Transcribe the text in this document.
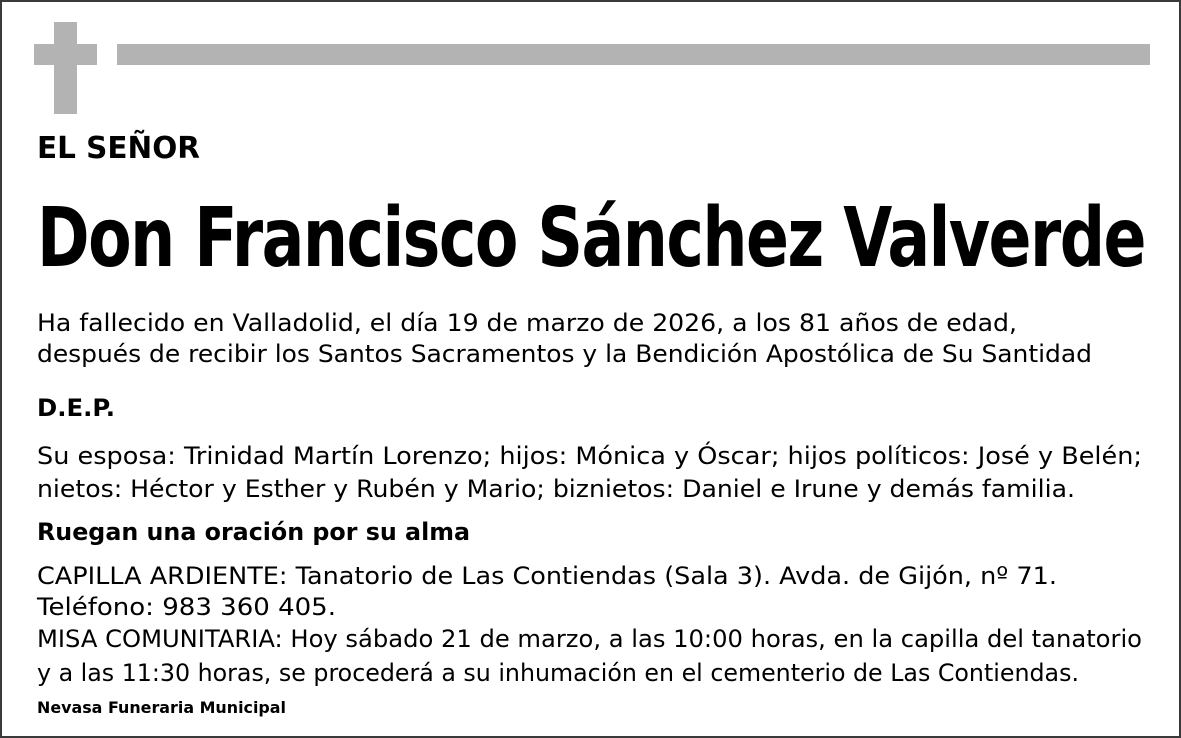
EL SEÑOR
Don Francisco Sánchez Valverde
Ha fallecido en Valladolid, el día 19 de marzo de 2026, a los 81 años de edad,
después de recibir los Santos Sacramentos y la Bendición Apostólica de Su Santidad
D.E.P.
Su esposa: Trinidad Martín Lorenzo; hijos: Mónica y Óscar; hijos políticos: José y Belén;
nietos: Héctor y Esther y Rubén y Mario; biznietos: Daniel e Irune y demás familia.
Ruegan una oración por su alma
CAPILLA ARDIENTE: Tanatorio de Las Contiendas (Sala 3). Avda. de Gijón, nº 71.
Teléfono: 983 360 405.
MISA COMUNITARIA: Hoy sábado 21 de marzo, a las 10:00 horas, en la capilla del tanatorio
y a las 11:30 horas, se procederá a su inhumación en el cementerio de Las Contiendas.
Nevasa Funeraria Municipal
